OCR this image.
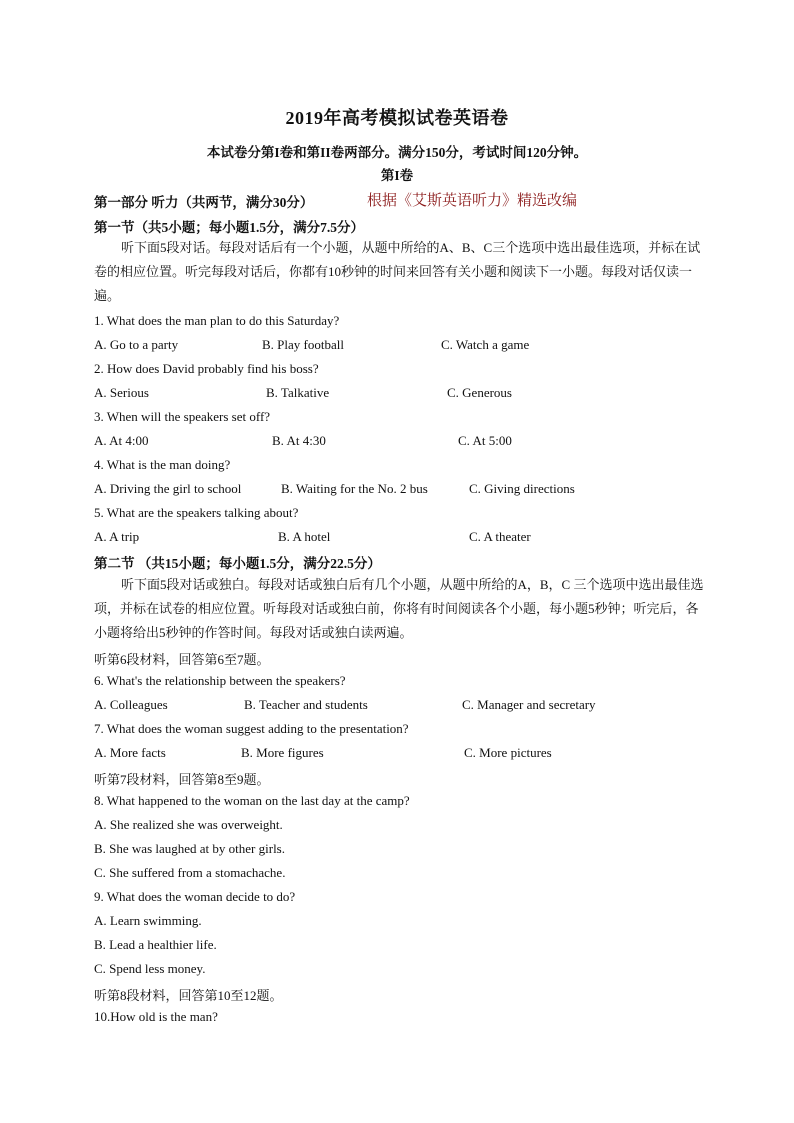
2019年高考模拟试卷英语卷
本试卷分第I卷和第II卷两部分。满分150分，考试时间120分钟。
第I卷
第一部分 听力（共两节，满分30分）	根据《艾斯英语听力》精选改编
第一节（共5小题；每小题1.5分，满分7.5分）
听下面5段对话。每段对话后有一个小题，从题中所给的A、B、C三个选项中选出最佳选项，并标在试卷的相应位置。听完每段对话后，你都有10秒钟的时间来回答有关小题和阅读下一小题。每段对话仅读一遍。
1. What does the man plan to do this Saturday?
A. Go to a party	B. Play football	C. Watch a game
2. How does David probably find his boss?
A. Serious	B. Talkative	C. Generous
3. When will the speakers set off?
A. At 4:00	B. At 4:30	C. At 5:00
4. What is the man doing?
A. Driving the girl to school	B. Waiting for the No. 2 bus	C. Giving directions
5. What are the speakers talking about?
A. A trip	B. A hotel	C. A theater
第二节 （共15小题；每小题1.5分，满分22.5分）
听下面5段对话或独白。每段对话或独白后有几个小题，从题中所给的A，B，C 三个选项中选出最佳选项，并标在试卷的相应位置。听每段对话或独白前，你将有时间阅读各个小题，每小题5秒钟；听完后，各小题将给出5秒钟的作答时间。每段对话或独白读两遍。
听第6段材料，回答第6至7题。
6. What's the relationship between the speakers?
A. Colleagues	B. Teacher and students	C. Manager and secretary
7. What does the woman suggest adding to the presentation?
A. More facts	B. More figures	C. More pictures
听第7段材料，回答第8至9题。
8. What happened to the woman on the last day at the camp?
A. She realized she was overweight.
B. She was laughed at by other girls.
C. She suffered from a stomachache.
9. What does the woman decide to do?
A. Learn swimming.
B. Lead a healthier life.
C. Spend less money.
听第8段材料，回答第10至12题。
10.How old is the man?
